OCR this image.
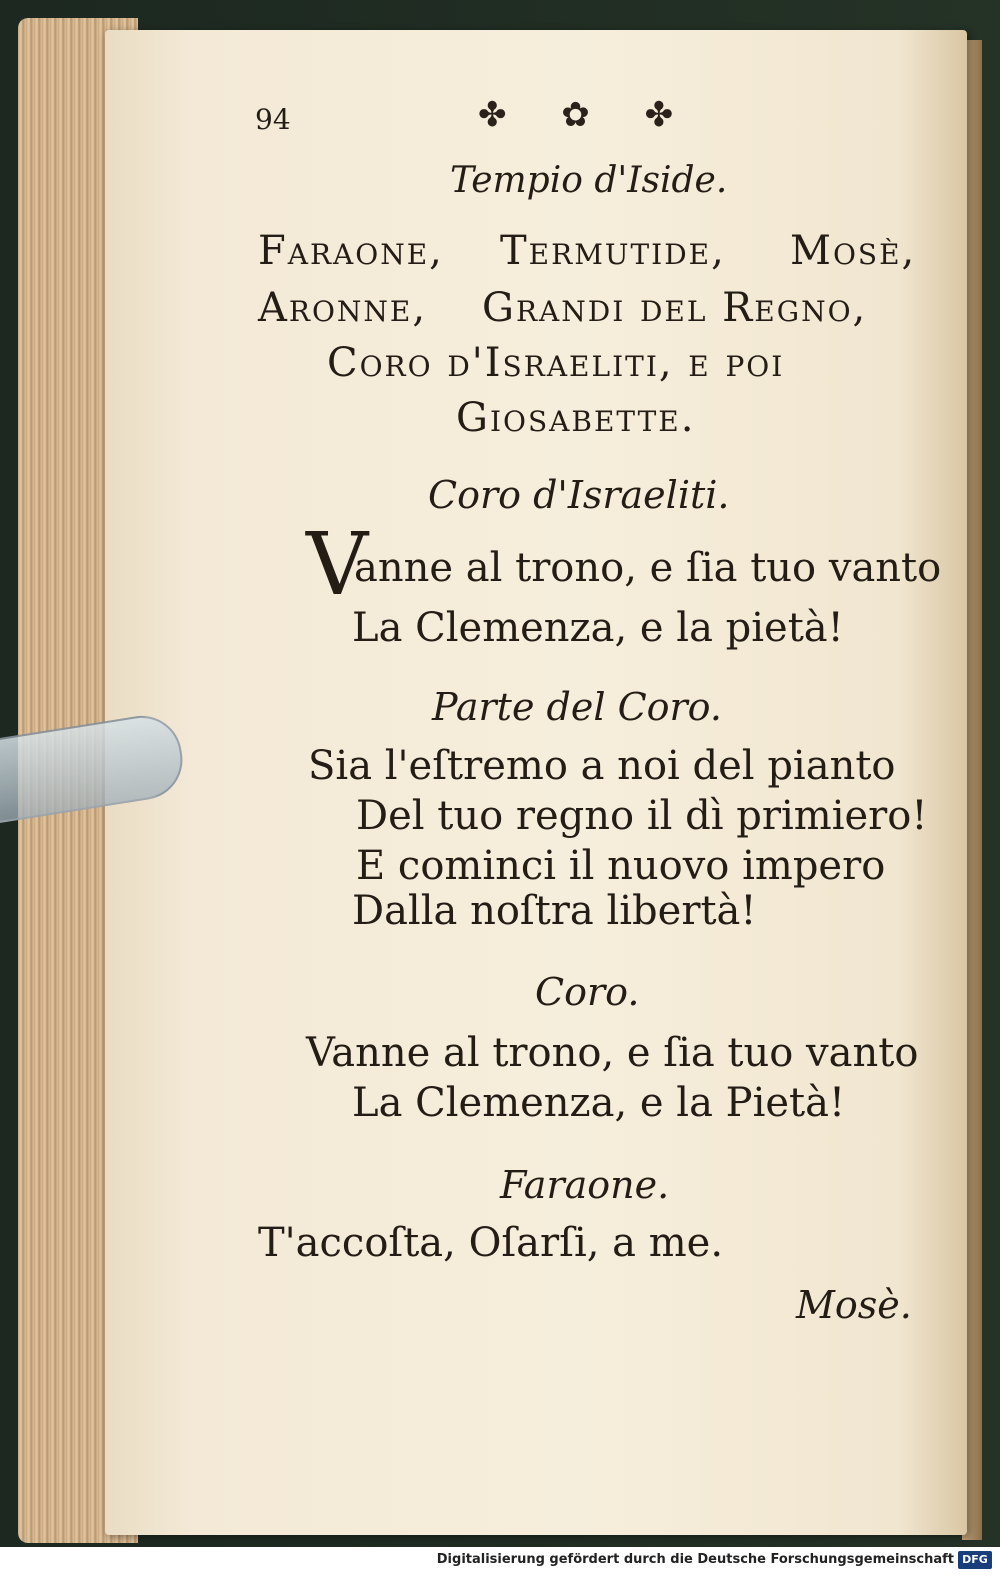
94	✤ ✿ ✤
Tempio d'Iside.
Faraone, Termutide, Mosè,
Aronne, Grandi del Regno,
Coro d'Israeliti, e poi
Giosabette.
Coro d'Israeliti.
V
anne al trono, e ſia tuo vanto
La Clemenza, e la pietà!
Parte del Coro.
Sia l'eſtremo a noi del pianto
Del tuo regno il dì primiero!
E cominci il nuovo impero
Dalla noſtra libertà!
Coro.
Vanne al trono, e ſia tuo vanto
La Clemenza, e la Pietà!
Faraone.
T'accoſta, Oſarſi, a me.
Mosè.
Digitalisierung gefördert durch die Deutsche Forschungsgemeinschaft DFG
